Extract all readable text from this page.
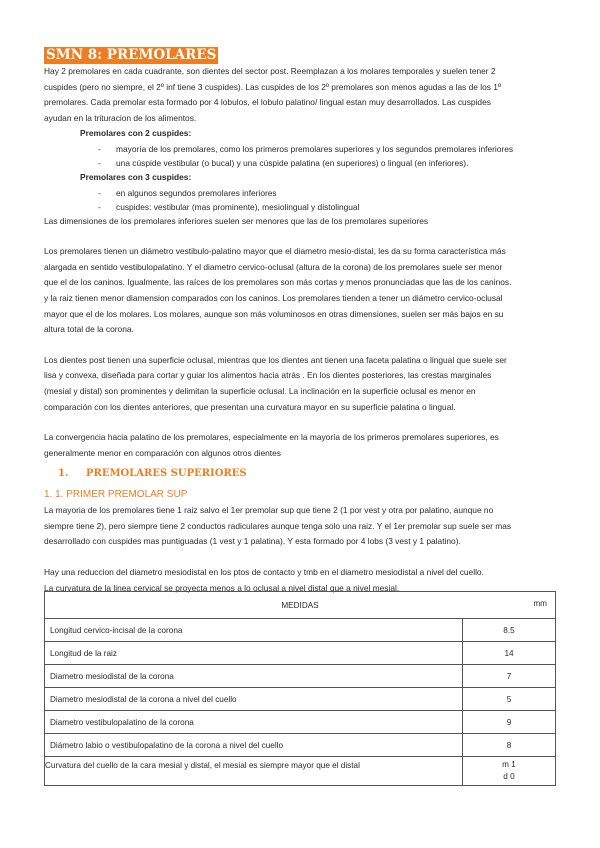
SMN 8: PREMOLARES

Hay 2 premolares en cada cuadrante, son dientes del sector post. Reemplazan a los molares temporales y suelen tener 2

cuspides (pero no siempre, el 2º inf tiene 3 cuspides). Las cuspides de los 2º premolares son menos agudas a las de los 1º

premolares. Cada premolar esta formado por 4 lobulos, el lobulo palatino/ lingual estan muy desarrollados. Las cuspides

ayudan en la trituracion de los alimentos.

Premolares con 2 cuspides:
- mayoría de los premolares, como los primeros premolares superiores y los segundos premolares inferiores
- una cúspide vestibular (o bucal) y una cúspide palatina (en superiores) o lingual (en inferiores).
Premolares con 3 cuspides:
- en algunos segundos premolares inferiores
- cuspides: vestibular (mas prominente), mesiolingual y distolingual

Las dimensiones de los premolares inferiores suelen ser menores que las de los premolares superiores

Los premolares tienen un diámetro vestibulo-palatino mayor que el diametro mesio-distal, les da su forma característica más

alargada en sentido vestibulopalatino. Y el diametro cervico-oclusal (altura de la corona) de los premolares suele ser menor

que el de los caninos. Igualmente, las raíces de los premolares son más cortas y menos pronunciadas que las de los caninos.

y la raiz tienen menor diamension comparados con los caninos. Los premolares tienden a tener un diámetro cervico-oclusal

mayor que el de los molares. Los molares, aunque son más voluminosos en otras dimensiones, suelen ser más bajos en su

altura total de la corona.

Los dientes post tienen una superficie oclusal, mientras que los dientes ant tienen una faceta palatina o lingual que suele ser

lisa y convexa, diseñada para cortar y guiar los alimentos hacia atrás . En los dientes posteriores, las crestas marginales

(mesial y distal) son prominentes y delimitan la superficie oclusal. La inclinación en la superficie oclusal es menor en

comparación con los dientes anteriores, que presentan una curvatura mayor en su superficie palatina o lingual.

La convergencia hacia palatino de los premolares, especialmente en la mayoría de los primeros premolares superiores, es

generalmente menor en comparación con algunos otros dientes

1.	PREMOLARES SUPERIORES
1. 1. PRIMER PREMOLAR SUP

La mayoria de los premolares tiene 1 raiz salvo el 1er premolar sup que tiene 2 (1 por vest y otra por palatino, aunque no

siempre tiene 2), pero siempre tiene 2 conductos radiculares aunque tenga solo una raiz. Y el 1er premolar sup suele ser mas

desarrollado con cuspides mas puntiguadas (1 vest y 1 palatina). Y esta formado por 4 lobs (3 vest y 1 palatino).

Hay una reduccion del diametro mesiodistal en los ptos de contacto y tmb en el diametro mesiodistal a nivel del cuello.

La curvatura de la linea cervical se proyecta menos a lo oclusal a nivel distal que a nivel mesial.

MEDIDAS mm	

Longitud cervico-incisal de la corona	8.5
Longitud de la raiz	14
Diametro mesiodistal de la corona	7
Diametro mesiodistal de la corona a nivel del cuello	5
Diametro vestibulopalatino de la corona	9
Diámetro labio o vestibulopalatino de la corona a nivel del cuello	8
Curvatura del cuello de la cara mesial y distal, el mesial es siempre mayor que el distal	m 1
d 0
